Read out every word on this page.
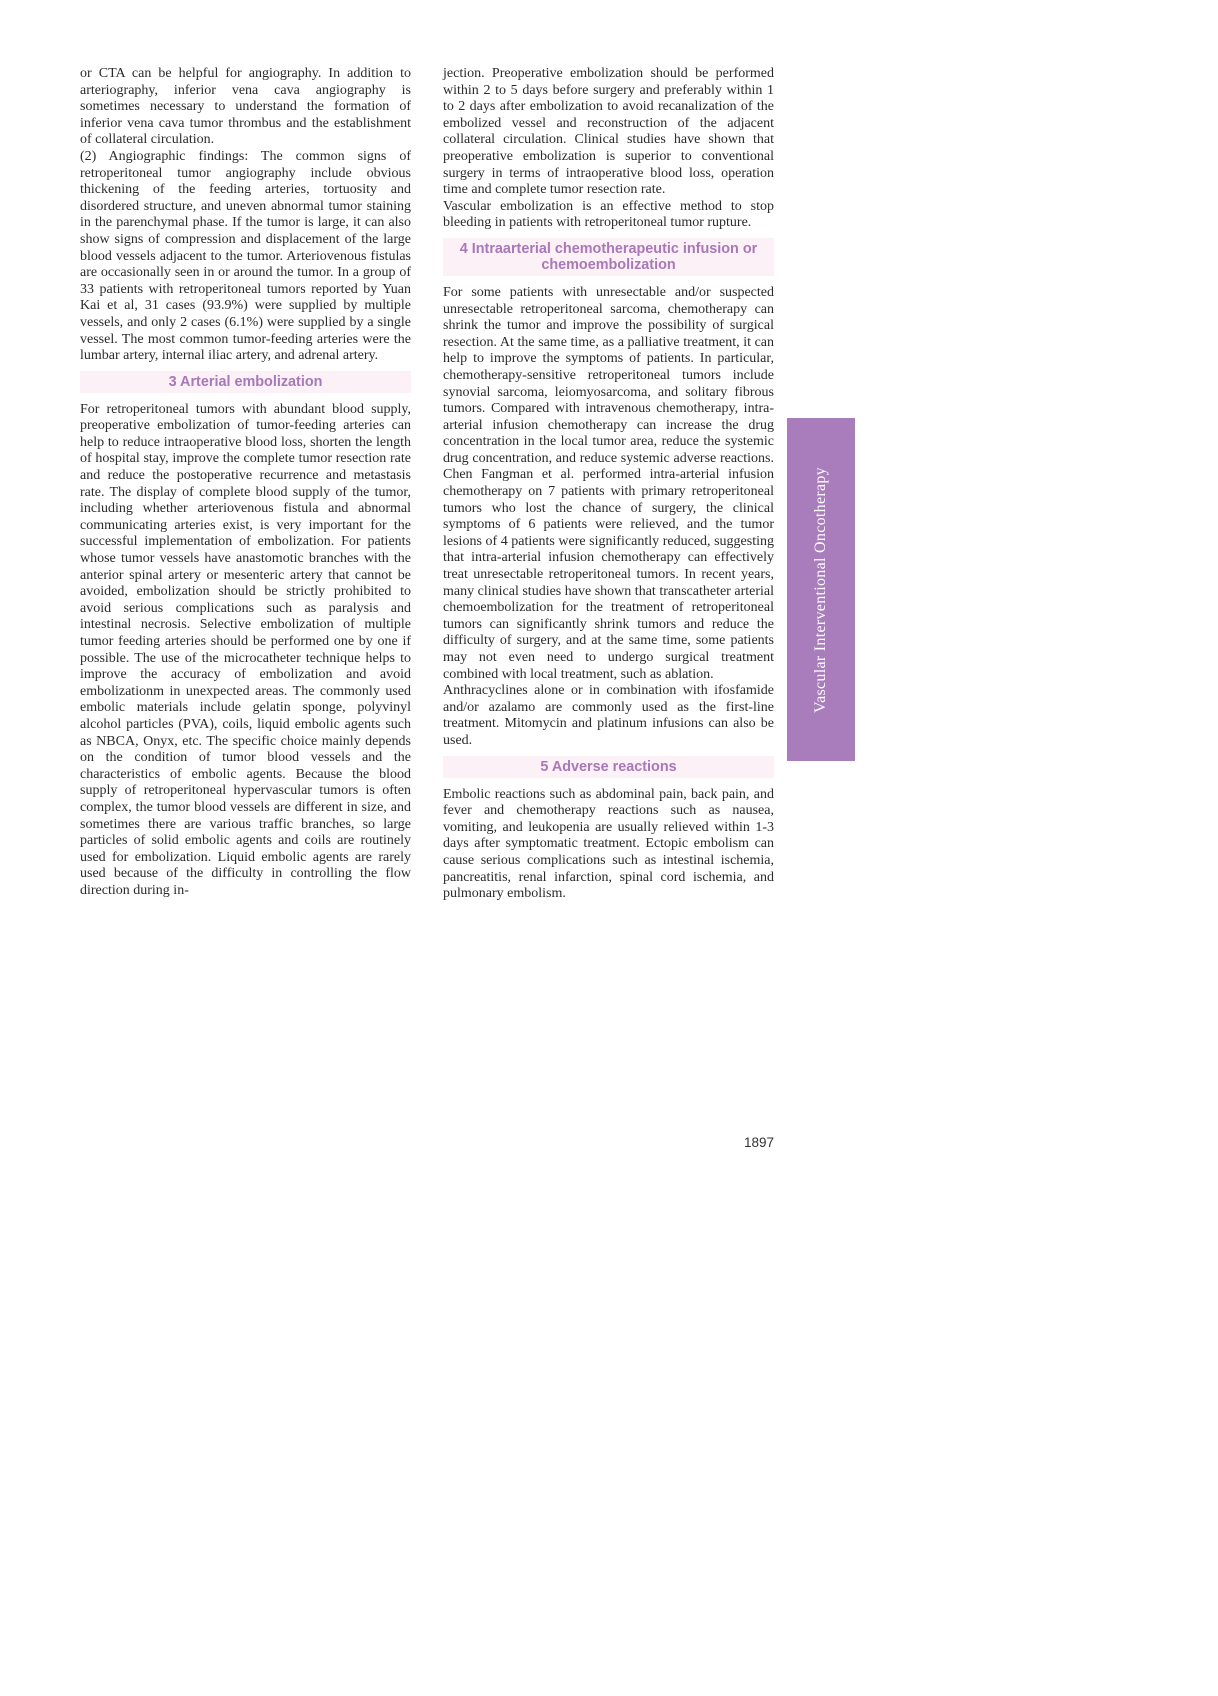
or CTA can be helpful for angiography. In addition to arteriography, inferior vena cava angiography is sometimes necessary to understand the formation of inferior vena cava tumor thrombus and the establishment of collateral circulation.

(2) Angiographic findings: The common signs of retroperitoneal tumor angiography include obvious thickening of the feeding arteries, tortuosity and disordered structure, and uneven abnormal tumor staining in the parenchymal phase. If the tumor is large, it can also show signs of compression and displacement of the large blood vessels adjacent to the tumor. Arteriovenous fistulas are occasionally seen in or around the tumor. In a group of 33 patients with retroperitoneal tumors reported by Yuan Kai et al, 31 cases (93.9%) were supplied by multiple vessels, and only 2 cases (6.1%) were supplied by a single vessel. The most common tumor-feeding arteries were the lumbar artery, internal iliac artery, and adrenal artery.

3 Arterial embolization

For retroperitoneal tumors with abundant blood supply, preoperative embolization of tumor-feeding arteries can help to reduce intraoperative blood loss, shorten the length of hospital stay, improve the complete tumor resection rate and reduce the postoperative recurrence and metastasis rate. The display of complete blood supply of the tumor, including whether arteriovenous fistula and abnormal communicating arteries exist, is very important for the successful implementation of embolization. For patients whose tumor vessels have anastomotic branches with the anterior spinal artery or mesenteric artery that cannot be avoided, embolization should be strictly prohibited to avoid serious complications such as paralysis and intestinal necrosis. Selective embolization of multiple tumor feeding arteries should be performed one by one if possible. The use of the microcatheter technique helps to improve the accuracy of embolization and avoid embolizationm in unexpected areas. The commonly used embolic materials include gelatin sponge, polyvinyl alcohol particles (PVA), coils, liquid embolic agents such as NBCA, Onyx, etc. The specific choice mainly depends on the condition of tumor blood vessels and the characteristics of embolic agents. Because the blood supply of retroperitoneal hypervascular tumors is often complex, the tumor blood vessels are different in size, and sometimes there are various traffic branches, so large particles of solid embolic agents and coils are routinely used for embolization. Liquid embolic agents are rarely used because of the difficulty in controlling the flow direction during in-

jection. Preoperative embolization should be performed within 2 to 5 days before surgery and preferably within 1 to 2 days after embolization to avoid recanalization of the embolized vessel and reconstruction of the adjacent collateral circulation. Clinical studies have shown that preoperative embolization is superior to conventional surgery in terms of intraoperative blood loss, operation time and complete tumor resection rate.

Vascular embolization is an effective method to stop bleeding in patients with retroperitoneal tumor rupture.

4 Intraarterial chemotherapeutic infusion or chemoembolization

For some patients with unresectable and/or suspected unresectable retroperitoneal sarcoma, chemotherapy can shrink the tumor and improve the possibility of surgical resection. At the same time, as a palliative treatment, it can help to improve the symptoms of patients. In particular, chemotherapy-sensitive retroperitoneal tumors include synovial sarcoma, leiomyosarcoma, and solitary fibrous tumors. Compared with intravenous chemotherapy, intra-arterial infusion chemotherapy can increase the drug concentration in the local tumor area, reduce the systemic drug concentration, and reduce systemic adverse reactions. Chen Fangman et al. performed intra-arterial infusion chemotherapy on 7 patients with primary retroperitoneal tumors who lost the chance of surgery, the clinical symptoms of 6 patients were relieved, and the tumor lesions of 4 patients were significantly reduced, suggesting that intra-arterial infusion chemotherapy can effectively treat unresectable retroperitoneal tumors. In recent years, many clinical studies have shown that transcatheter arterial chemoembolization for the treatment of retroperitoneal tumors can significantly shrink tumors and reduce the difficulty of surgery, and at the same time, some patients may not even need to undergo surgical treatment combined with local treatment, such as ablation.

Anthracyclines alone or in combination with ifosfamide and/or azalamo are commonly used as the first-line treatment. Mitomycin and platinum infusions can also be used.

5 Adverse reactions

Embolic reactions such as abdominal pain, back pain, and fever and chemotherapy reactions such as nausea, vomiting, and leukopenia are usually relieved within 1-3 days after symptomatic treatment. Ectopic embolism can cause serious complications such as intestinal ischemia, pancreatitis, renal infarction, spinal cord ischemia, and pulmonary embolism.

Vascular Interventional Oncotherapy
1897
